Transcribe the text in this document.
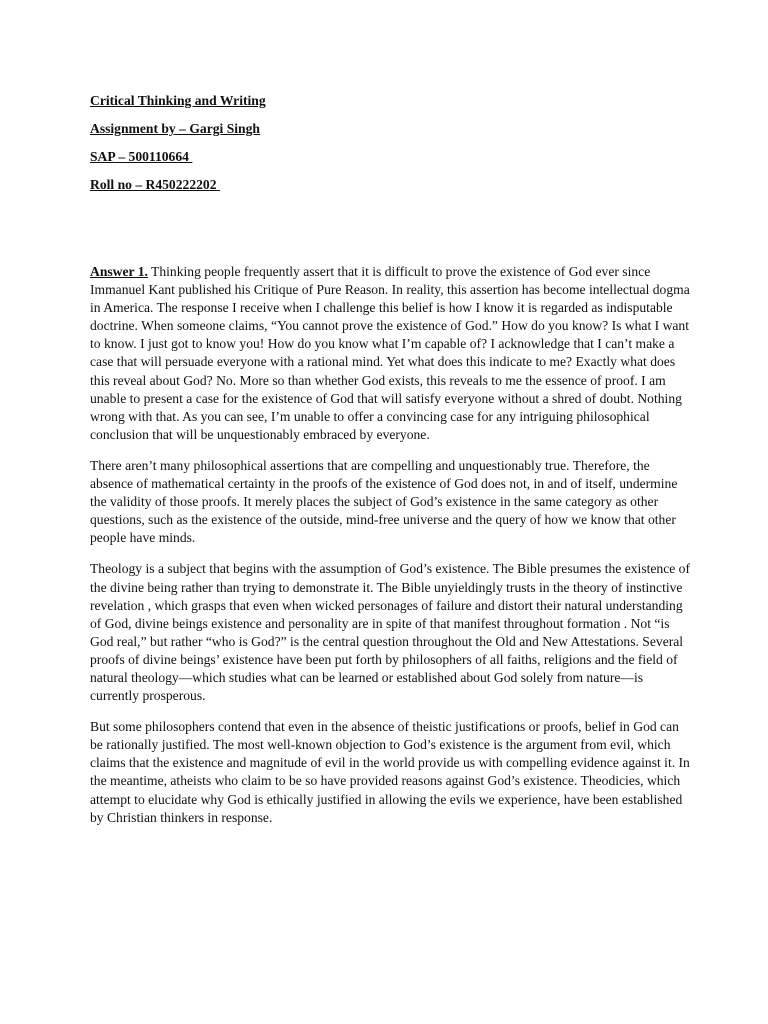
Critical Thinking and Writing
Assignment by – Gargi Singh
SAP – 500110664
Roll no – R450222202

Answer 1. Thinking people frequently assert that it is difficult to prove the existence of God ever since Immanuel Kant published his Critique of Pure Reason. In reality, this assertion has become intellectual dogma in America. The response I receive when I challenge this belief is how I know it is regarded as indisputable doctrine. When someone claims, “You cannot prove the existence of God.” How do you know? Is what I want to know. I just got to know you! How do you know what I’m capable of? I acknowledge that I can’t make a case that will persuade everyone with a rational mind. Yet what does this indicate to me? Exactly what does this reveal about God? No. More so than whether God exists, this reveals to me the essence of proof. I am unable to present a case for the existence of God that will satisfy everyone without a shred of doubt. Nothing wrong with that. As you can see, I’m unable to offer a convincing case for any intriguing philosophical conclusion that will be unquestionably embraced by everyone.

There aren’t many philosophical assertions that are compelling and unquestionably true. Therefore, the absence of mathematical certainty in the proofs of the existence of God does not, in and of itself, undermine the validity of those proofs. It merely places the subject of God’s existence in the same category as other questions, such as the existence of the outside, mind-free universe and the query of how we know that other people have minds.

Theology is a subject that begins with the assumption of God’s existence. The Bible presumes the existence of the divine being rather than trying to demonstrate it. The Bible unyieldingly trusts in the theory of instinctive revelation , which grasps that even when wicked personages of failure and distort their natural understanding of God, divine beings existence and personality are in spite of that manifest throughout formation . Not “is God real,” but rather “who is God?” is the central question throughout the Old and New Attestations. Several proofs of divine beings’ existence have been put forth by philosophers of all faiths, religions and the field of natural theology—which studies what can be learned or established about God solely from nature—is currently prosperous.

But some philosophers contend that even in the absence of theistic justifications or proofs, belief in God can be rationally justified. The most well-known objection to God’s existence is the argument from evil, which claims that the existence and magnitude of evil in the world provide us with compelling evidence against it. In the meantime, atheists who claim to be so have provided reasons against God’s existence. Theodicies, which attempt to elucidate why God is ethically justified in allowing the evils we experience, have been established by Christian thinkers in response.
